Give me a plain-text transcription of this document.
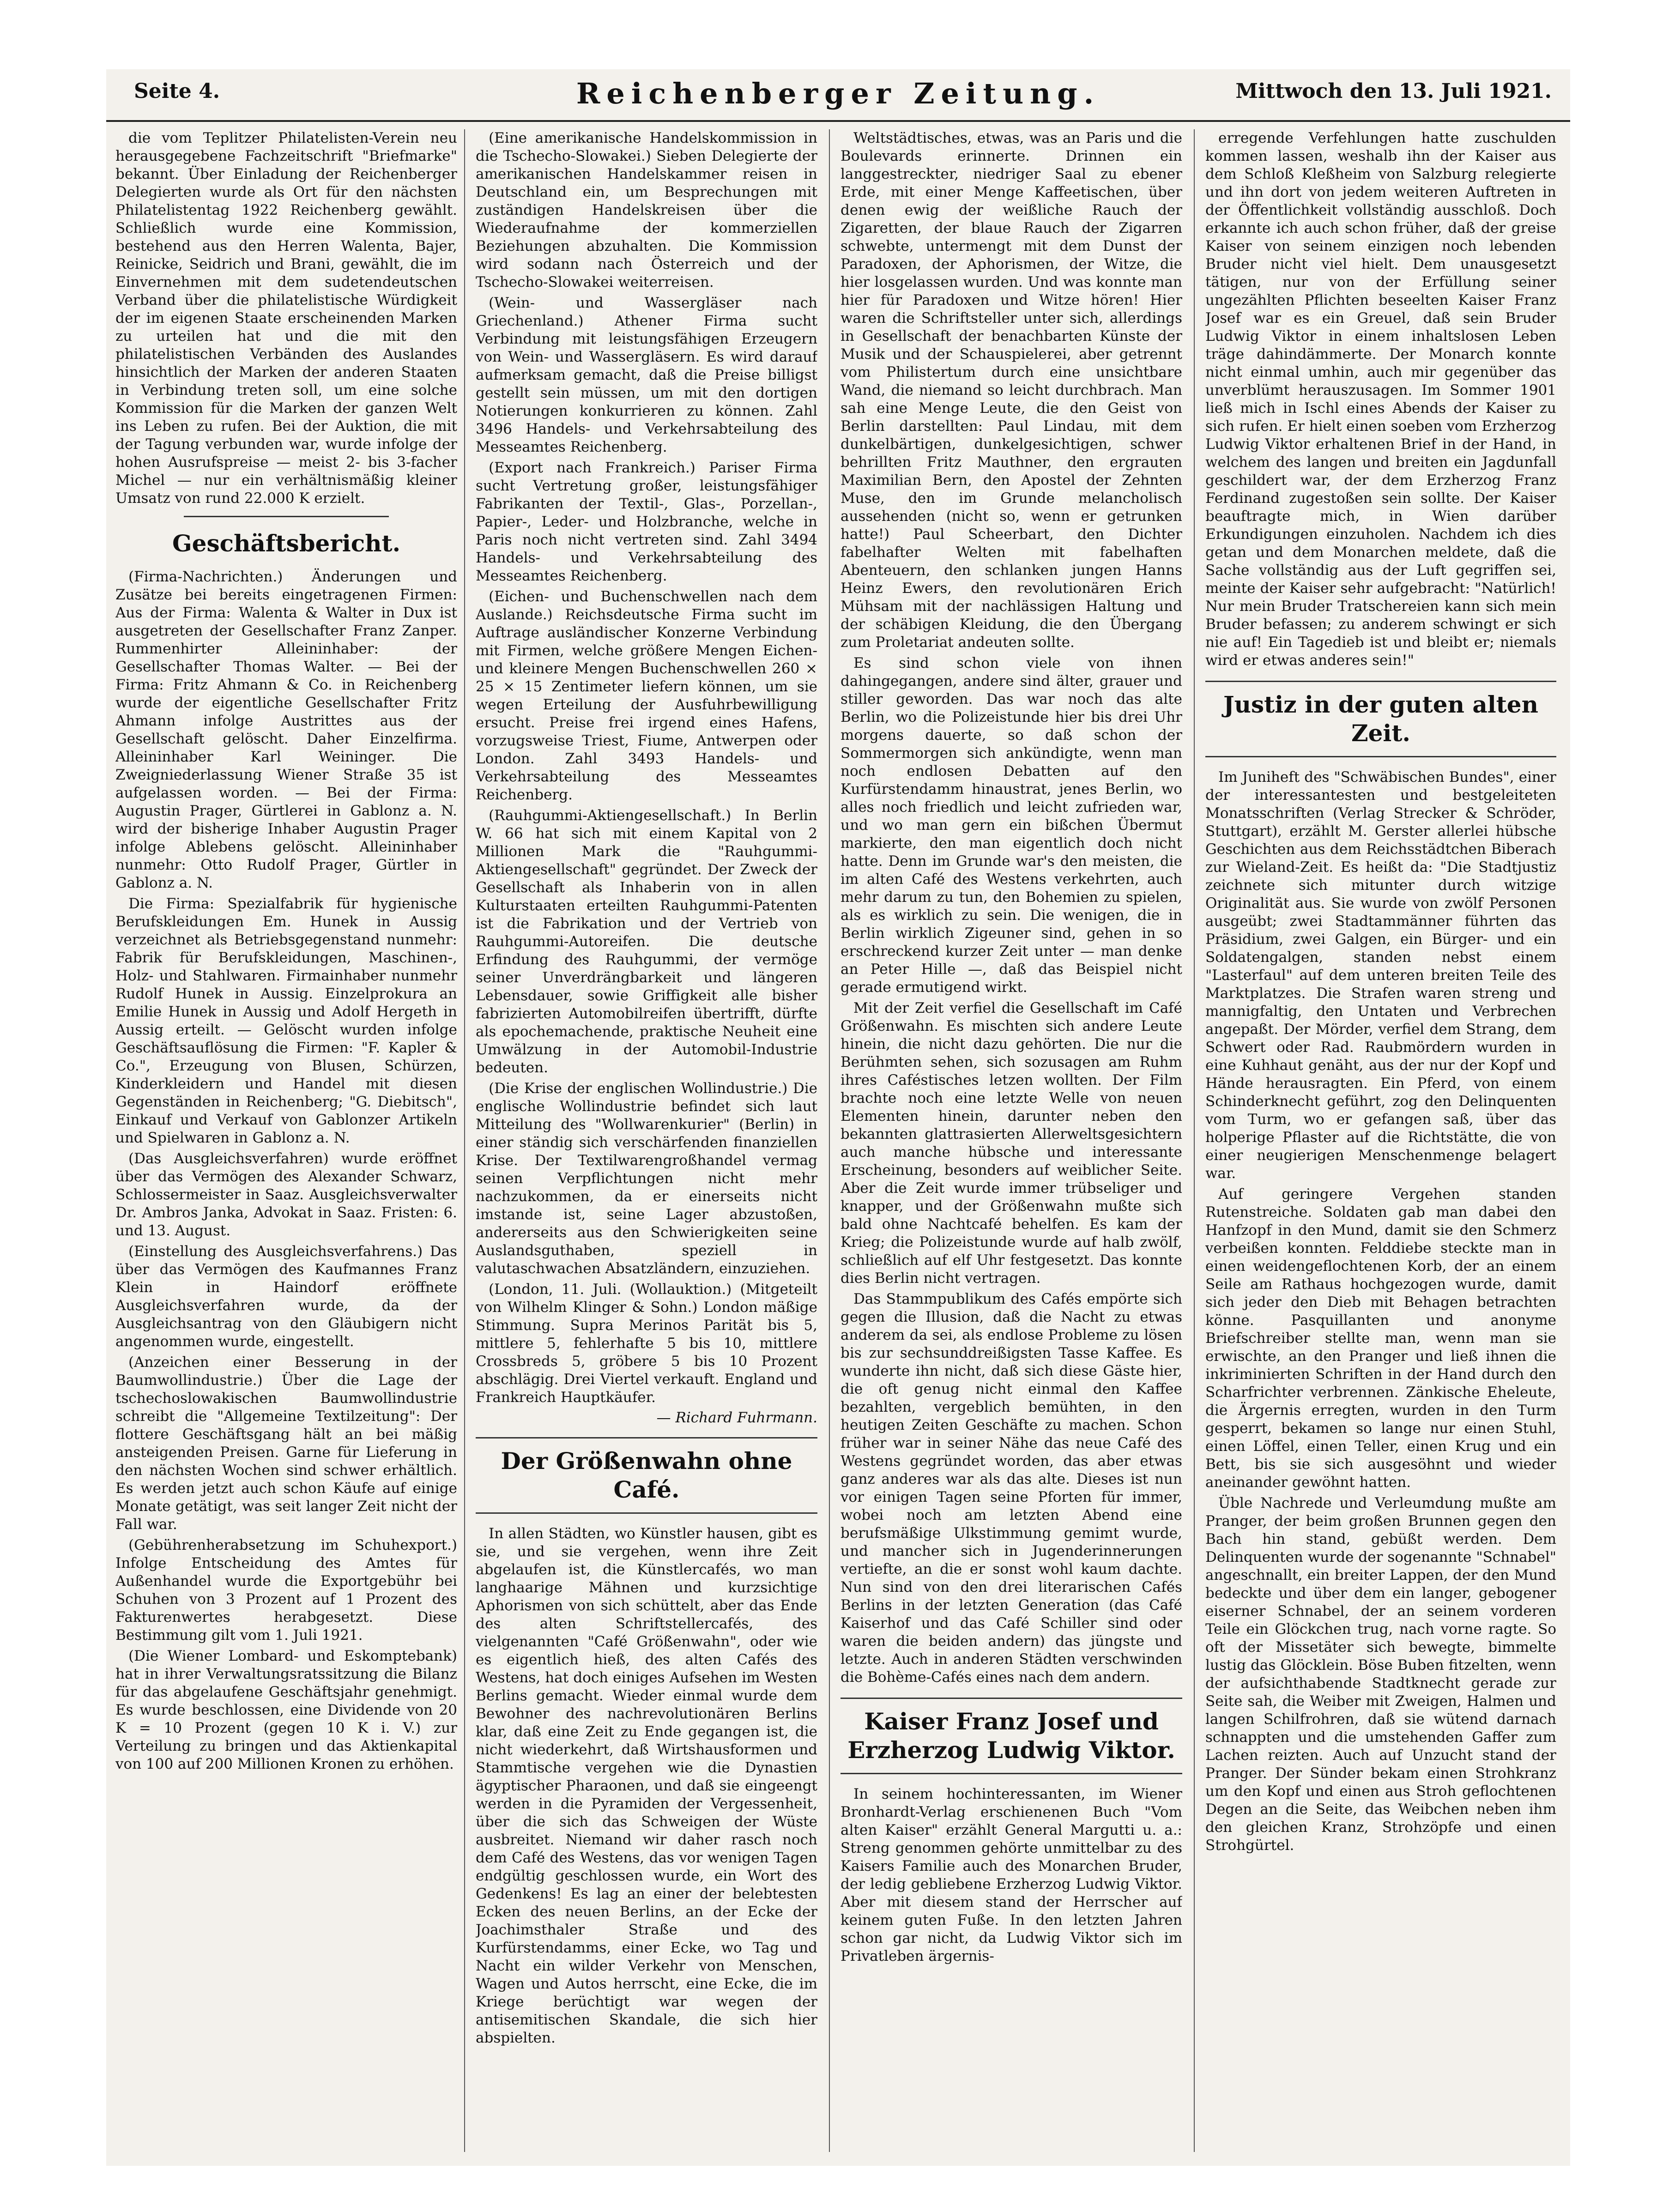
Seite 4.	Reichenberger Zeitung.	Mittwoch den 13. Juli 1921.

die vom Teplitzer Philatelisten-Verein neu herausgegebene Fachzeitschrift "Briefmarke" bekannt. Über Einladung der Reichenberger Delegierten wurde als Ort für den nächsten Philatelistentag 1922 Reichenberg gewählt. Schließlich wurde eine Kommission, bestehend aus den Herren Walenta, Bajer, Reinicke, Seidrich und Brani, gewählt, die im Einvernehmen mit dem sudetendeutschen Verband über die philatelistische Würdigkeit der im eigenen Staate erscheinenden Marken zu urteilen hat und die mit den philatelistischen Verbänden des Auslandes hinsichtlich der Marken der anderen Staaten in Verbindung treten soll, um eine solche Kommission für die Marken der ganzen Welt ins Leben zu rufen. Bei der Auktion, die mit der Tagung verbunden war, wurde infolge der hohen Ausrufspreise — meist 2- bis 3-facher Michel — nur ein verhältnismäßig kleiner Umsatz von rund 22.000 K erzielt.

Geschäftsbericht.

(Firma-Nachrichten.) Änderungen und Zusätze bei bereits eingetragenen Firmen: Aus der Firma: Walenta & Walter in Dux ist ausgetreten der Gesellschafter Franz Zanper. Rummenhirter Alleininhaber: der Gesellschafter Thomas Walter. — Bei der Firma: Fritz Ahmann & Co. in Reichenberg wurde der eigentliche Gesellschafter Fritz Ahmann infolge Austrittes aus der Gesellschaft gelöscht. Daher Einzelfirma. Alleininhaber Karl Weininger. Die Zweigniederlassung Wiener Straße 35 ist aufgelassen worden. — Bei der Firma: Augustin Prager, Gürtlerei in Gablonz a. N. wird der bisherige Inhaber Augustin Prager infolge Ablebens gelöscht. Alleininhaber nunmehr: Otto Rudolf Prager, Gürtler in Gablonz a. N.

Die Firma: Spezialfabrik für hygienische Berufskleidungen Em. Hunek in Aussig verzeichnet als Betriebsgegenstand nunmehr: Fabrik für Berufskleidungen, Maschinen-, Holz- und Stahlwaren. Firmainhaber nunmehr Rudolf Hunek in Aussig. Einzelprokura an Emilie Hunek in Aussig und Adolf Hergeth in Aussig erteilt. — Gelöscht wurden infolge Geschäftsauflösung die Firmen: "F. Kapler & Co.", Erzeugung von Blusen, Schürzen, Kinderkleidern und Handel mit diesen Gegenständen in Reichenberg; "G. Diebitsch", Einkauf und Verkauf von Gablonzer Artikeln und Spielwaren in Gablonz a. N.

(Das Ausgleichsverfahren) wurde eröffnet über das Vermögen des Alexander Schwarz, Schlossermeister in Saaz. Ausgleichsverwalter Dr. Ambros Janka, Advokat in Saaz. Fristen: 6. und 13. August.

(Einstellung des Ausgleichsverfahrens.) Das über das Vermögen des Kaufmannes Franz Klein in Haindorf eröffnete Ausgleichsverfahren wurde, da der Ausgleichsantrag von den Gläubigern nicht angenommen wurde, eingestellt.

(Anzeichen einer Besserung in der Baumwollindustrie.) Über die Lage der tschechoslowakischen Baumwollindustrie schreibt die "Allgemeine Textilzeitung": Der flottere Geschäftsgang hält an bei mäßig ansteigenden Preisen. Garne für Lieferung in den nächsten Wochen sind schwer erhältlich. Es werden jetzt auch schon Käufe auf einige Monate getätigt, was seit langer Zeit nicht der Fall war.

(Gebührenherabsetzung im Schuhexport.) Infolge Entscheidung des Amtes für Außenhandel wurde die Exportgebühr bei Schuhen von 3 Prozent auf 1 Prozent des Fakturenwertes herabgesetzt. Diese Bestimmung gilt vom 1. Juli 1921.

(Die Wiener Lombard- und Eskomptebank) hat in ihrer Verwaltungsratssitzung die Bilanz für das abgelaufene Geschäftsjahr genehmigt. Es wurde beschlossen, eine Dividende von 20 K = 10 Prozent (gegen 10 K i. V.) zur Verteilung zu bringen und das Aktienkapital von 100 auf 200 Millionen Kronen zu erhöhen.

(Eine amerikanische Handelskommission in die Tschecho-Slowakei.) Sieben Delegierte der amerikanischen Handelskammer reisen in Deutschland ein, um Besprechungen mit zuständigen Handelskreisen über die Wiederaufnahme der kommerziellen Beziehungen abzuhalten. Die Kommission wird sodann nach Österreich und der Tschecho-Slowakei weiterreisen.

(Wein- und Wassergläser nach Griechenland.) Athener Firma sucht Verbindung mit leistungsfähigen Erzeugern von Wein- und Wassergläsern. Es wird darauf aufmerksam gemacht, daß die Preise billigst gestellt sein müssen, um mit den dortigen Notierungen konkurrieren zu können. Zahl 3496 Handels- und Verkehrsabteilung des Messeamtes Reichenberg.

(Export nach Frankreich.) Pariser Firma sucht Vertretung großer, leistungsfähiger Fabrikanten der Textil-, Glas-, Porzellan-, Papier-, Leder- und Holzbranche, welche in Paris noch nicht vertreten sind. Zahl 3494 Handels- und Verkehrsabteilung des Messeamtes Reichenberg.

(Eichen- und Buchenschwellen nach dem Auslande.) Reichsdeutsche Firma sucht im Auftrage ausländischer Konzerne Verbindung mit Firmen, welche größere Mengen Eichen- und kleinere Mengen Buchenschwellen 260 × 25 × 15 Zentimeter liefern können, um sie wegen Erteilung der Ausfuhrbewilligung ersucht. Preise frei irgend eines Hafens, vorzugsweise Triest, Fiume, Antwerpen oder London. Zahl 3493 Handels- und Verkehrsabteilung des Messeamtes Reichenberg.

(Rauhgummi-Aktiengesellschaft.) In Berlin W. 66 hat sich mit einem Kapital von 2 Millionen Mark die "Rauhgummi-Aktiengesellschaft" gegründet. Der Zweck der Gesellschaft als Inhaberin von in allen Kulturstaaten erteilten Rauhgummi-Patenten ist die Fabrikation und der Vertrieb von Rauhgummi-Autoreifen. Die deutsche Erfindung des Rauhgummi, der vermöge seiner Unverdrängbarkeit und längeren Lebensdauer, sowie Griffigkeit alle bisher fabrizierten Automobilreifen übertrifft, dürfte als epochemachende, praktische Neuheit eine Umwälzung in der Automobil-Industrie bedeuten.

(Die Krise der englischen Wollindustrie.) Die englische Wollindustrie befindet sich laut Mitteilung des "Wollwarenkurier" (Berlin) in einer ständig sich verschärfenden finanziellen Krise. Der Textilwarengroßhandel vermag seinen Verpflichtungen nicht mehr nachzukommen, da er einerseits nicht imstande ist, seine Lager abzustoßen, andererseits aus den Schwierigkeiten seine Auslandsguthaben, speziell in valutaschwachen Absatzländern, einzuziehen.

(London, 11. Juli. (Wollauktion.) (Mitgeteilt von Wilhelm Klinger & Sohn.) London mäßige Stimmung. Supra Merinos Parität bis 5, mittlere 5, fehlerhafte 5 bis 10, mittlere Crossbreds 5, gröbere 5 bis 10 Prozent abschlägig. Drei Viertel verkauft. England und Frankreich Hauptkäufer.

— Richard Fuhrmann.
Der Größenwahn ohne Café.

In allen Städten, wo Künstler hausen, gibt es sie, und sie vergehen, wenn ihre Zeit abgelaufen ist, die Künstlercafés, wo man langhaarige Mähnen und kurzsichtige Aphorismen von sich schüttelt, aber das Ende des alten Schriftstellercafés, des vielgenannten "Café Größenwahn", oder wie es eigentlich hieß, des alten Cafés des Westens, hat doch einiges Aufsehen im Westen Berlins gemacht. Wieder einmal wurde dem Bewohner des nachrevolutionären Berlins klar, daß eine Zeit zu Ende gegangen ist, die nicht wiederkehrt, daß Wirtshausformen und Stammtische vergehen wie die Dynastien ägyptischer Pharaonen, und daß sie eingeengt werden in die Pyramiden der Vergessenheit, über die sich das Schweigen der Wüste ausbreitet. Niemand wir daher rasch noch dem Café des Westens, das vor wenigen Tagen endgültig geschlossen wurde, ein Wort des Gedenkens! Es lag an einer der belebtesten Ecken des neuen Berlins, an der Ecke der Joachimsthaler Straße und des Kurfürstendamms, einer Ecke, wo Tag und Nacht ein wilder Verkehr von Menschen, Wagen und Autos herrscht, eine Ecke, die im Kriege berüchtigt war wegen der antisemitischen Skandale, die sich hier abspielten.

Weltstädtisches, etwas, was an Paris und die Boulevards erinnerte. Drinnen ein langgestreckter, niedriger Saal zu ebener Erde, mit einer Menge Kaffeetischen, über denen ewig der weißliche Rauch der Zigaretten, der blaue Rauch der Zigarren schwebte, untermengt mit dem Dunst der Paradoxen, der Aphorismen, der Witze, die hier losgelassen wurden. Und was konnte man hier für Paradoxen und Witze hören! Hier waren die Schriftsteller unter sich, allerdings in Gesellschaft der benachbarten Künste der Musik und der Schauspielerei, aber getrennt vom Philistertum durch eine unsichtbare Wand, die niemand so leicht durchbrach. Man sah eine Menge Leute, die den Geist von Berlin darstellten: Paul Lindau, mit dem dunkelbärtigen, dunkelgesichtigen, schwer behrillten Fritz Mauthner, den ergrauten Maximilian Bern, den Apostel der Zehnten Muse, den im Grunde melancholisch aussehenden (nicht so, wenn er getrunken hatte!) Paul Scheerbart, den Dichter fabelhafter Welten mit fabelhaften Abenteuern, den schlanken jungen Hanns Heinz Ewers, den revolutionären Erich Mühsam mit der nachlässigen Haltung und der schäbigen Kleidung, die den Übergang zum Proletariat andeuten sollte.

Es sind schon viele von ihnen dahingegangen, andere sind älter, grauer und stiller geworden. Das war noch das alte Berlin, wo die Polizeistunde hier bis drei Uhr morgens dauerte, so daß schon der Sommermorgen sich ankündigte, wenn man noch endlosen Debatten auf den Kurfürstendamm hinaustrat, jenes Berlin, wo alles noch friedlich und leicht zufrieden war, und wo man gern ein bißchen Übermut markierte, den man eigentlich doch nicht hatte. Denn im Grunde war's den meisten, die im alten Café des Westens verkehrten, auch mehr darum zu tun, den Bohemien zu spielen, als es wirklich zu sein. Die wenigen, die in Berlin wirklich Zigeuner sind, gehen in so erschreckend kurzer Zeit unter — man denke an Peter Hille —, daß das Beispiel nicht gerade ermutigend wirkt.

Mit der Zeit verfiel die Gesellschaft im Café Größenwahn. Es mischten sich andere Leute hinein, die nicht dazu gehörten. Die nur die Berühmten sehen, sich sozusagen am Ruhm ihres Caféstisches letzen wollten. Der Film brachte noch eine letzte Welle von neuen Elementen hinein, darunter neben den bekannten glattrasierten Allerweltsgesichtern auch manche hübsche und interessante Erscheinung, besonders auf weiblicher Seite. Aber die Zeit wurde immer trübseliger und knapper, und der Größenwahn mußte sich bald ohne Nachtcafé behelfen. Es kam der Krieg; die Polizeistunde wurde auf halb zwölf, schließlich auf elf Uhr festgesetzt. Das konnte dies Berlin nicht vertragen.

Das Stammpublikum des Cafés empörte sich gegen die Illusion, daß die Nacht zu etwas anderem da sei, als endlose Probleme zu lösen bis zur sechsunddreißigsten Tasse Kaffee. Es wunderte ihn nicht, daß sich diese Gäste hier, die oft genug nicht einmal den Kaffee bezahlten, vergeblich bemühten, in den heutigen Zeiten Geschäfte zu machen. Schon früher war in seiner Nähe das neue Café des Westens gegründet worden, das aber etwas ganz anderes war als das alte. Dieses ist nun vor einigen Tagen seine Pforten für immer, wobei noch am letzten Abend eine berufsmäßige Ulkstimmung gemimt wurde, und mancher sich in Jugenderinnerungen vertiefte, an die er sonst wohl kaum dachte. Nun sind von den drei literarischen Cafés Berlins in der letzten Generation (das Café Kaiserhof und das Café Schiller sind oder waren die beiden andern) das jüngste und letzte. Auch in anderen Städten verschwinden die Bohème-Cafés eines nach dem andern.

Kaiser Franz Josef und Erzherzog Ludwig Viktor.

In seinem hochinteressanten, im Wiener Bronhardt-Verlag erschienenen Buch "Vom alten Kaiser" erzählt General Margutti u. a.: Streng genommen gehörte unmittelbar zu des Kaisers Familie auch des Monarchen Bruder, der ledig gebliebene Erzherzog Ludwig Viktor. Aber mit diesem stand der Herrscher auf keinem guten Fuße. In den letzten Jahren schon gar nicht, da Ludwig Viktor sich im Privatleben ärgernis-

erregende Verfehlungen hatte zuschulden kommen lassen, weshalb ihn der Kaiser aus dem Schloß Kleßheim von Salzburg relegierte und ihn dort von jedem weiteren Auftreten in der Öffentlichkeit vollständig ausschloß. Doch erkannte ich auch schon früher, daß der greise Kaiser von seinem einzigen noch lebenden Bruder nicht viel hielt. Dem unausgesetzt tätigen, nur von der Erfüllung seiner ungezählten Pflichten beseelten Kaiser Franz Josef war es ein Greuel, daß sein Bruder Ludwig Viktor in einem inhaltslosen Leben träge dahindämmerte. Der Monarch konnte nicht einmal umhin, auch mir gegenüber das unverblümt herauszusagen. Im Sommer 1901 ließ mich in Ischl eines Abends der Kaiser zu sich rufen. Er hielt einen soeben vom Erzherzog Ludwig Viktor erhaltenen Brief in der Hand, in welchem des langen und breiten ein Jagdunfall geschildert war, der dem Erzherzog Franz Ferdinand zugestoßen sein sollte. Der Kaiser beauftragte mich, in Wien darüber Erkundigungen einzuholen. Nachdem ich dies getan und dem Monarchen meldete, daß die Sache vollständig aus der Luft gegriffen sei, meinte der Kaiser sehr aufgebracht: "Natürlich! Nur mein Bruder Tratschereien kann sich mein Bruder befassen; zu anderem schwingt er sich nie auf! Ein Tagedieb ist und bleibt er; niemals wird er etwas anderes sein!"

Justiz in der guten alten Zeit.

Im Juniheft des "Schwäbischen Bundes", einer der interessantesten und bestgeleiteten Monatsschriften (Verlag Strecker & Schröder, Stuttgart), erzählt M. Gerster allerlei hübsche Geschichten aus dem Reichsstädtchen Biberach zur Wieland-Zeit. Es heißt da: "Die Stadtjustiz zeichnete sich mitunter durch witzige Originalität aus. Sie wurde von zwölf Personen ausgeübt; zwei Stadtammänner führten das Präsidium, zwei Galgen, ein Bürger- und ein Soldatengalgen, standen nebst einem "Lasterfaul" auf dem unteren breiten Teile des Marktplatzes. Die Strafen waren streng und mannigfaltig, den Untaten und Verbrechen angepaßt. Der Mörder, verfiel dem Strang, dem Schwert oder Rad. Raubmördern wurden in eine Kuhhaut genäht, aus der nur der Kopf und Hände herausragten. Ein Pferd, von einem Schinderknecht geführt, zog den Delinquenten vom Turm, wo er gefangen saß, über das holperige Pflaster auf die Richtstätte, die von einer neugierigen Menschenmenge belagert war.

Auf geringere Vergehen standen Rutenstreiche. Soldaten gab man dabei den Hanfzopf in den Mund, damit sie den Schmerz verbeißen konnten. Felddiebe steckte man in einen weidengeflochtenen Korb, der an einem Seile am Rathaus hochgezogen wurde, damit sich jeder den Dieb mit Behagen betrachten könne. Pasquillanten und anonyme Briefschreiber stellte man, wenn man sie erwischte, an den Pranger und ließ ihnen die inkriminierten Schriften in der Hand durch den Scharfrichter verbrennen. Zänkische Eheleute, die Ärgernis erregten, wurden in den Turm gesperrt, bekamen so lange nur einen Stuhl, einen Löffel, einen Teller, einen Krug und ein Bett, bis sie sich ausgesöhnt und wieder aneinander gewöhnt hatten.

Üble Nachrede und Verleumdung mußte am Pranger, der beim großen Brunnen gegen den Bach hin stand, gebüßt werden. Dem Delinquenten wurde der sogenannte "Schnabel" angeschnallt, ein breiter Lappen, der den Mund bedeckte und über dem ein langer, gebogener eiserner Schnabel, der an seinem vorderen Teile ein Glöckchen trug, nach vorne ragte. So oft der Missetäter sich bewegte, bimmelte lustig das Glöcklein. Böse Buben fitzelten, wenn der aufsichthabende Stadtknecht gerade zur Seite sah, die Weiber mit Zweigen, Halmen und langen Schilfrohren, daß sie wütend darnach schnappten und die umstehenden Gaffer zum Lachen reizten. Auch auf Unzucht stand der Pranger. Der Sünder bekam einen Strohkranz um den Kopf und einen aus Stroh geflochtenen Degen an die Seite, das Weibchen neben ihm den gleichen Kranz, Strohzöpfe und einen Strohgürtel.
